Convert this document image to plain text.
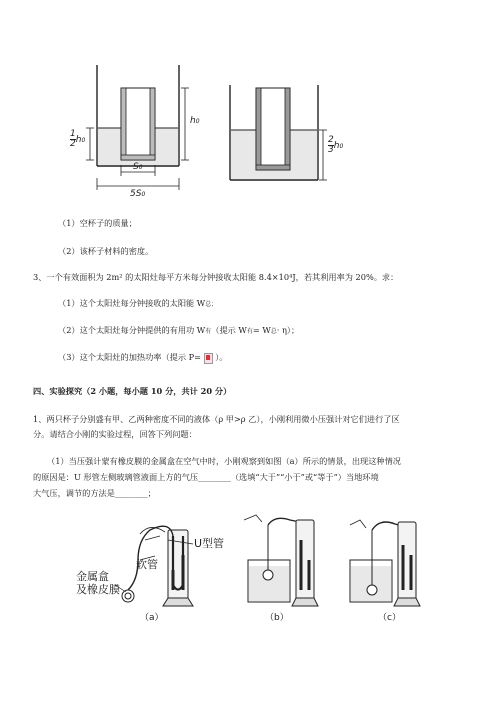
h0
$\frac{1}{2} h0$
S0
5S0
$\frac{2}{3} h0$
（1）空杯子的质量；
（2）该杯子材料的密度。
3、一个有效面积为 2m² 的太阳灶每平方米每分钟接收太阳能 8.4×10⁴J，若其利用率为 20%。求：
（1）这个太阳灶每分钟接收的太阳能 W总；
（2）这个太阳灶每分钟提供的有用功 W有（提示 W有= W总· η）；
（3）这个太阳灶的加热功率（提示 P= ）。
四、实验探究（2 小题，每小题 10 分，共计 20 分）
1、两只杯子分别盛有甲、乙两种密度不同的液体（ρ 甲>ρ 乙），小刚利用微小压强计对它们进行了区
分。请结合小刚的实验过程，回答下列问题：
（1）当压强计蒙有橡皮膜的金属盒在空气中时，小刚观察到如图（a）所示的情景，出现这种情况
的原因是：U 形管左侧玻璃管液面上方的气压________（选填“大于”“小于”或“等于”）当地环境
大气压，调节的方法是________；
U型管
软管
金属盒
及橡皮膜
（a）	（b）	（c）
